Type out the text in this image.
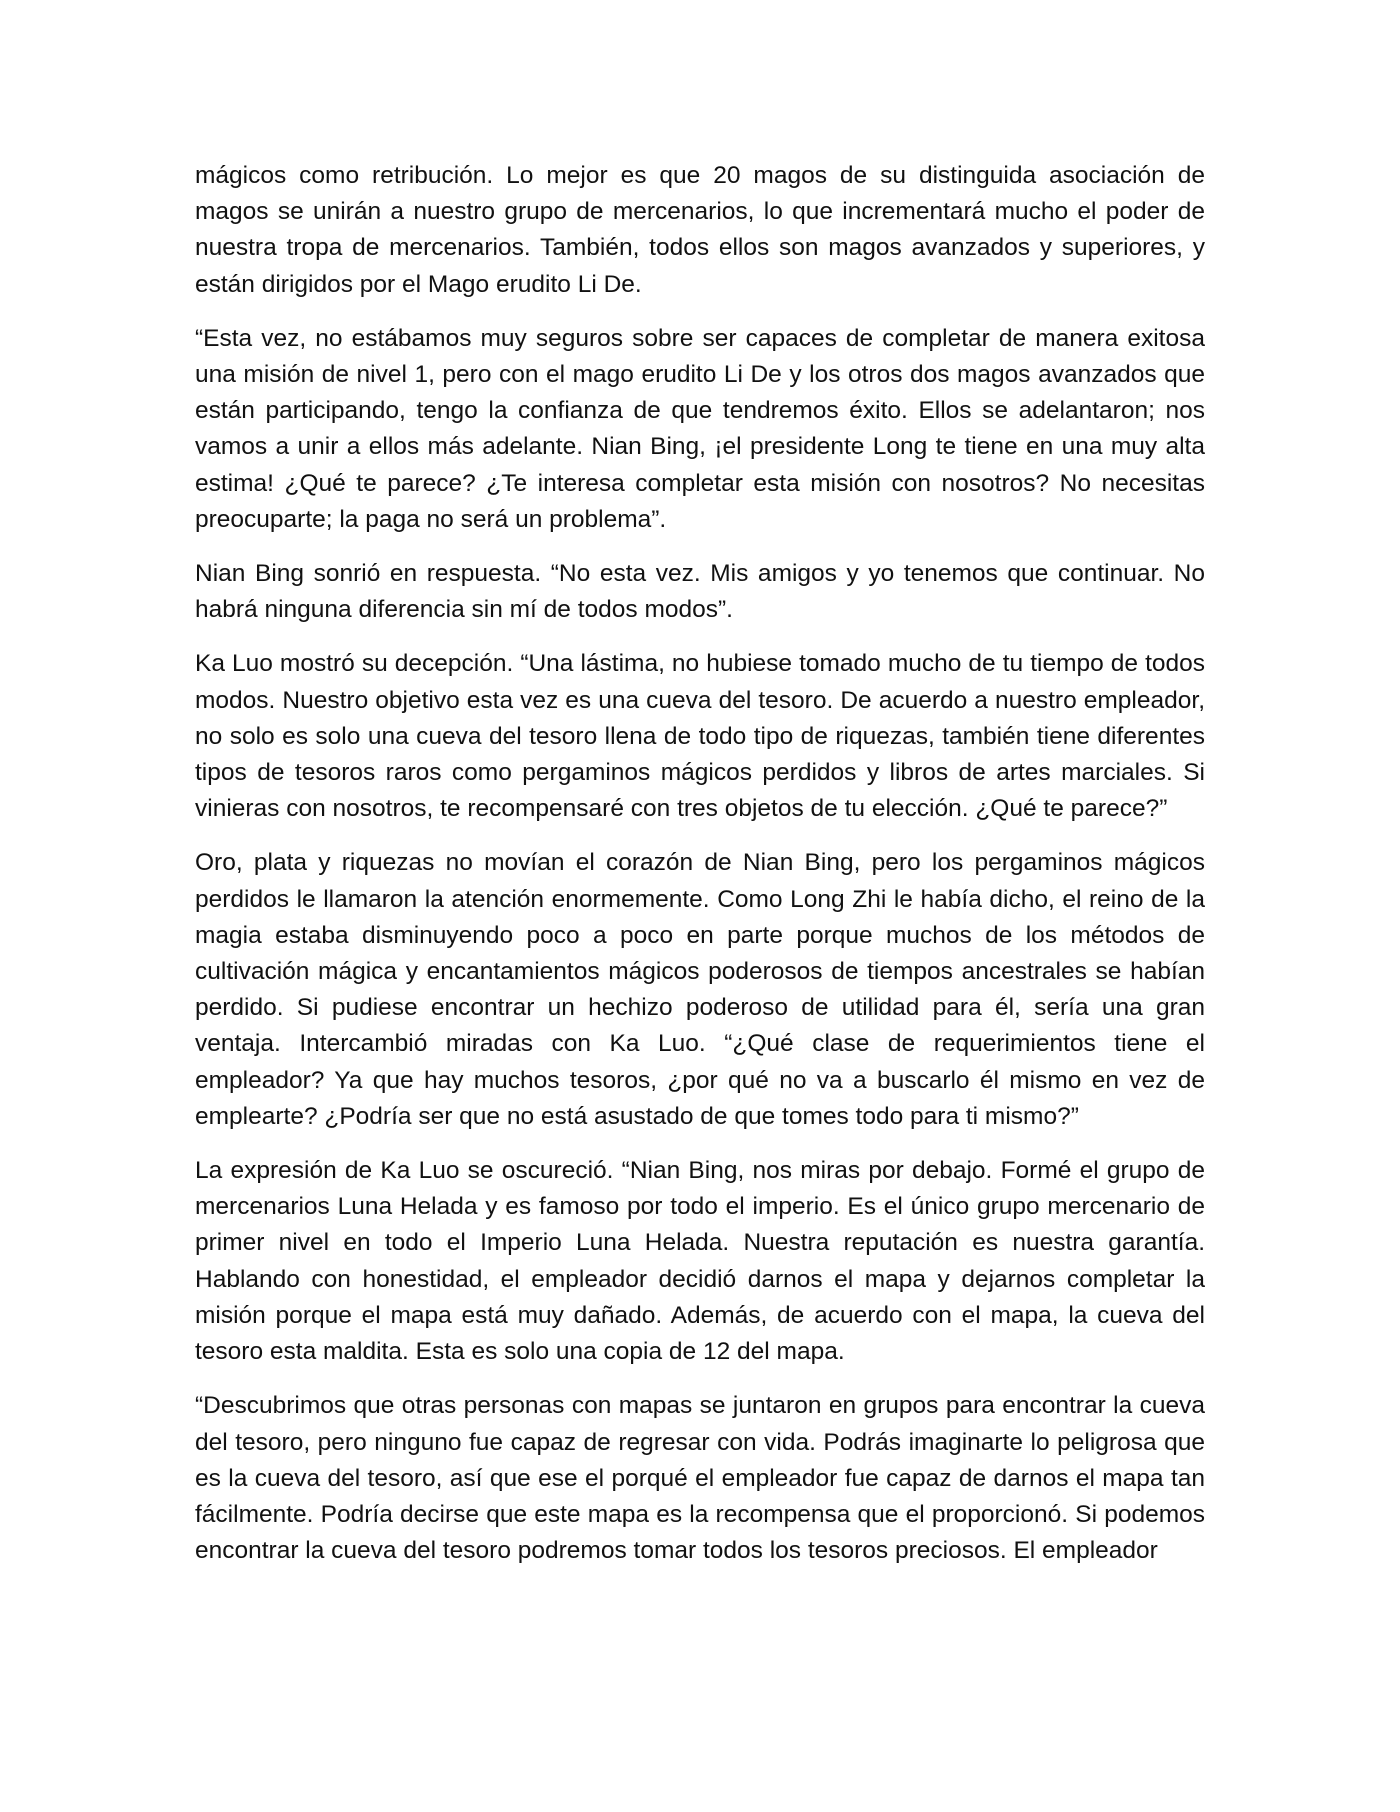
mágicos como retribución. Lo mejor es que 20 magos de su distinguida asociación de magos se unirán a nuestro grupo de mercenarios, lo que incrementará mucho el poder de nuestra tropa de mercenarios. También, todos ellos son magos avanzados y superiores, y están dirigidos por el Mago erudito Li De.

“Esta vez, no estábamos muy seguros sobre ser capaces de completar de manera exitosa una misión de nivel 1, pero con el mago erudito Li De y los otros dos magos avanzados que están participando, tengo la confianza de que tendremos éxito. Ellos se adelantaron; nos vamos a unir a ellos más adelante. Nian Bing, ¡el presidente Long te tiene en una muy alta estima! ¿Qué te parece? ¿Te interesa completar esta misión con nosotros? No necesitas preocuparte; la paga no será un problema”.

Nian Bing sonrió en respuesta. “No esta vez. Mis amigos y yo tenemos que continuar. No habrá ninguna diferencia sin mí de todos modos”.

Ka Luo mostró su decepción. “Una lástima, no hubiese tomado mucho de tu tiempo de todos modos. Nuestro objetivo esta vez es una cueva del tesoro. De acuerdo a nuestro empleador, no solo es solo una cueva del tesoro llena de todo tipo de riquezas, también tiene diferentes tipos de tesoros raros como pergaminos mágicos perdidos y libros de artes marciales. Si vinieras con nosotros, te recompensaré con tres objetos de tu elección. ¿Qué te parece?”

Oro, plata y riquezas no movían el corazón de Nian Bing, pero los pergaminos mágicos perdidos le llamaron la atención enormemente. Como Long Zhi le había dicho, el reino de la magia estaba disminuyendo poco a poco en parte porque muchos de los métodos de cultivación mágica y encantamientos mágicos poderosos de tiempos ancestrales se habían perdido. Si pudiese encontrar un hechizo poderoso de utilidad para él, sería una gran ventaja. Intercambió miradas con Ka Luo. “¿Qué clase de requerimientos tiene el empleador? Ya que hay muchos tesoros, ¿por qué no va a buscarlo él mismo en vez de emplearte? ¿Podría ser que no está asustado de que tomes todo para ti mismo?”

La expresión de Ka Luo se oscureció. “Nian Bing, nos miras por debajo. Formé el grupo de mercenarios Luna Helada y es famoso por todo el imperio. Es el único grupo mercenario de primer nivel en todo el Imperio Luna Helada. Nuestra reputación es nuestra garantía. Hablando con honestidad, el empleador decidió darnos el mapa y dejarnos completar la misión porque el mapa está muy dañado. Además, de acuerdo con el mapa, la cueva del tesoro esta maldita. Esta es solo una copia de 12 del mapa.

“Descubrimos que otras personas con mapas se juntaron en grupos para encontrar la cueva del tesoro, pero ninguno fue capaz de regresar con vida. Podrás imaginarte lo peligrosa que es la cueva del tesoro, así que ese el porqué el empleador fue capaz de darnos el mapa tan fácilmente. Podría decirse que este mapa es la recompensa que el proporcionó. Si podemos encontrar la cueva del tesoro podremos tomar todos los tesoros preciosos. El empleador
